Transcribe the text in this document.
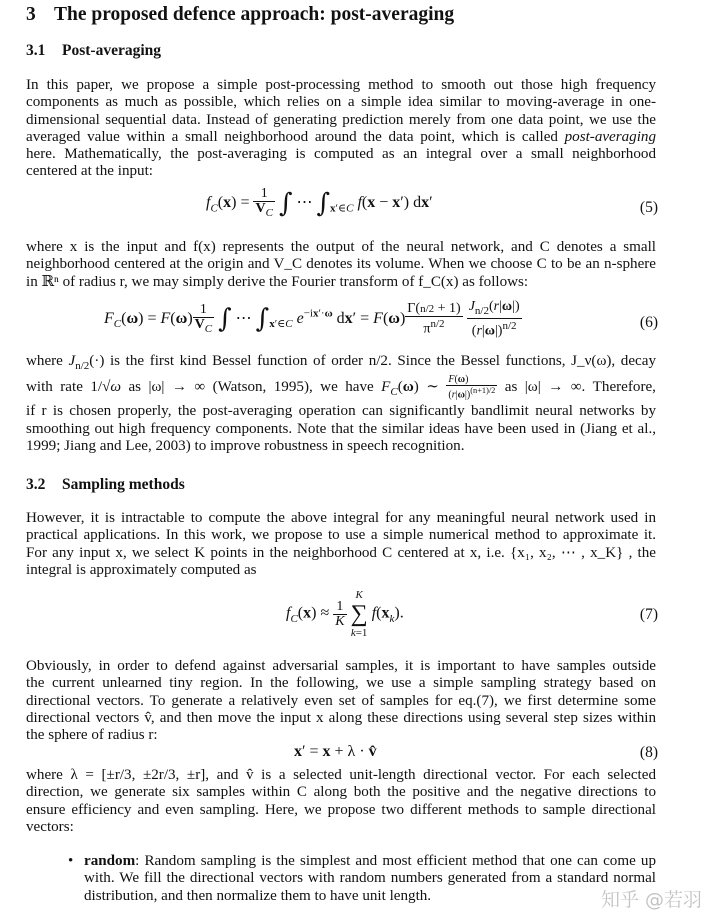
3 The proposed defence approach: post-averaging
3.1 Post-averaging
In this paper, we propose a simple post-processing method to smooth out those high frequency
components as much as possible, which relies on a simple idea similar to moving-average in one-
dimensional sequential data. Instead of generating prediction merely from one data point, we use the
averaged value within a small neighborhood around the data point, which is called post-averaging
here. Mathematically, the post-averaging is computed as an integral over a small neighborhood
centered at the input:
$f_C(x) = \frac{1}{V_C}$ ∫ ⋯ $\int_{x'\in C}$ f(x − x′) dx′	(5)
where x is the input and f(x) represents the output of the neural network, and C denotes a small
neighborhood centered at the origin and V_C denotes its volume. When we choose C to be an n-sphere
in ℝⁿ of radius r, we may simply derive the Fourier transform of f_C(x) as follows:
$F_C(\omega) = F(\omega) \frac{1}{V_C}$ ∫ ⋯ $\int_{x'\in C}$ $e^{-ix'\cdot\omega}$ $dx' = F(\omega) \frac{\Gamma(n/2 + 1)}{\pi^{n/2}}$
$\frac{J_{n/2}(r|\omega|)}{(r|\omega|)^{n/2}}$	(6)
where $J_{n/2}(\cdot)$ is the first kind Bessel function of order n/2. Since the Bessel functions, J_ν(ω), decay
with rate 1/√ω as |ω| → ∞ (Watson, 1995), we have $F_C(\omega)$ ∼ $\frac{F(\omega)}{(r|\omega|)^{(n+1)/2}}$ as |ω| → ∞. Therefore,
if r is chosen properly, the post-averaging operation can significantly bandlimit neural networks by
smoothing out high frequency components. Note that the similar ideas have been used in (Jiang et al.,
1999; Jiang and Lee, 2003) to improve robustness in speech recognition.
3.2 Sampling methods
However, it is intractable to compute the above integral for any meaningful neural network used in
practical applications. In this work, we propose to use a simple numerical method to approximate it.
For any input x, we select K points in the neighborhood C centered at x, i.e. {x₁, x₂, ⋯ , x_K} , the
integral is approximately computed as
$f_C(x) \approx \frac{1}{K}$

K
∑
k=1
$f(x_k)$.	(7)
Obviously, in order to defend against adversarial samples, it is important to have samples outside
the current unlearned tiny region. In the following, we use a simple sampling strategy based on
directional vectors. To generate a relatively even set of samples for eq.(7), we first determine some
directional vectors v̂, and then move the input x along these directions using several step sizes within
the sphere of radius r:
x′ = x + λ · v̂	(8)
where λ = [±r/3, ±2r/3, ±r], and v̂ is a selected unit-length directional vector. For each selected
direction, we generate six samples within C along both the positive and the negative directions to
ensure efficiency and even sampling. Here, we propose two different methods to sample directional
vectors:
• random: Random sampling is the simplest and most efficient method that one can come up
with. We fill the directional vectors with random numbers generated from a standard normal
distribution, and then normalize them to have unit length.	知乎 @若羽
